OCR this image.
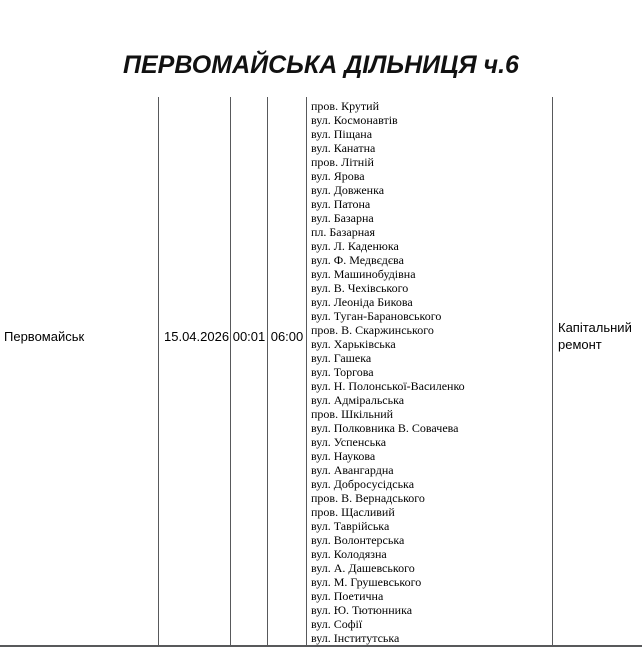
ПЕРВОМАЙСЬКА ДІЛЬНИЦЯ ч.6
Первомайськ	15.04.2026 00:01 06:00
пров. Крутий
вул. Космонавтів
вул. Піщана
вул. Канатна
пров. Літній
вул. Ярова
вул. Довженка
вул. Патона
вул. Базарна
пл. Базарная
вул. Л. Каденюка
вул. Ф. Медвєдєва
вул. Машинобудівна
вул. В. Чехівського
вул. Леоніда Бикова
вул. Туган-Барановського
пров. В. Скаржинського
вул. Харьківська
вул. Гашека
вул. Торгова
вул. Н. Полонської-Василенко
вул. Адміральська
пров. Шкільний
вул. Полковника В. Совачева
вул. Успенська
вул. Наукова
вул. Авангардна
вул. Добросусідська
пров. В. Вернадського
пров. Щасливий
вул. Таврійська
вул. Волонтерська
вул. Колодязна
вул. А. Дашевського
вул. М. Грушевського
вул. Поетична
вул. Ю. Тютюнника
вул. Софії
вул. Інститутська
Капітальний ремонт
